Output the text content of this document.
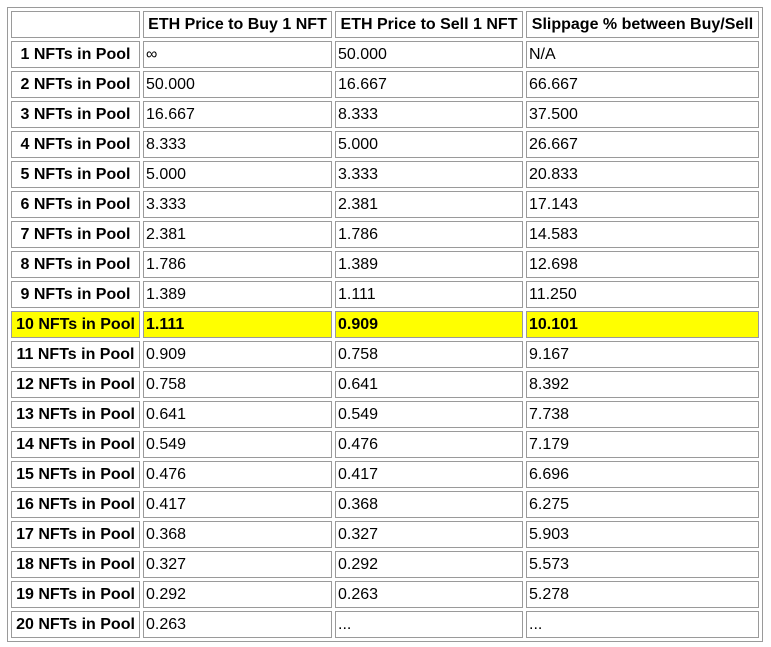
	ETH Price to Buy 1 NFT	ETH Price to Sell 1 NFT	Slippage % between Buy/Sell
1 NFTs in Pool	∞	50.000	N/A
2 NFTs in Pool	50.000	16.667	66.667
3 NFTs in Pool	16.667	8.333	37.500
4 NFTs in Pool	8.333	5.000	26.667
5 NFTs in Pool	5.000	3.333	20.833
6 NFTs in Pool	3.333	2.381	17.143
7 NFTs in Pool	2.381	1.786	14.583
8 NFTs in Pool	1.786	1.389	12.698
9 NFTs in Pool	1.389	1.111	11.250
10 NFTs in Pool	1.111	0.909	10.101
11 NFTs in Pool	0.909	0.758	9.167
12 NFTs in Pool	0.758	0.641	8.392
13 NFTs in Pool	0.641	0.549	7.738
14 NFTs in Pool	0.549	0.476	7.179
15 NFTs in Pool	0.476	0.417	6.696
16 NFTs in Pool	0.417	0.368	6.275
17 NFTs in Pool	0.368	0.327	5.903
18 NFTs in Pool	0.327	0.292	5.573
19 NFTs in Pool	0.292	0.263	5.278
20 NFTs in Pool	0.263	...	...
